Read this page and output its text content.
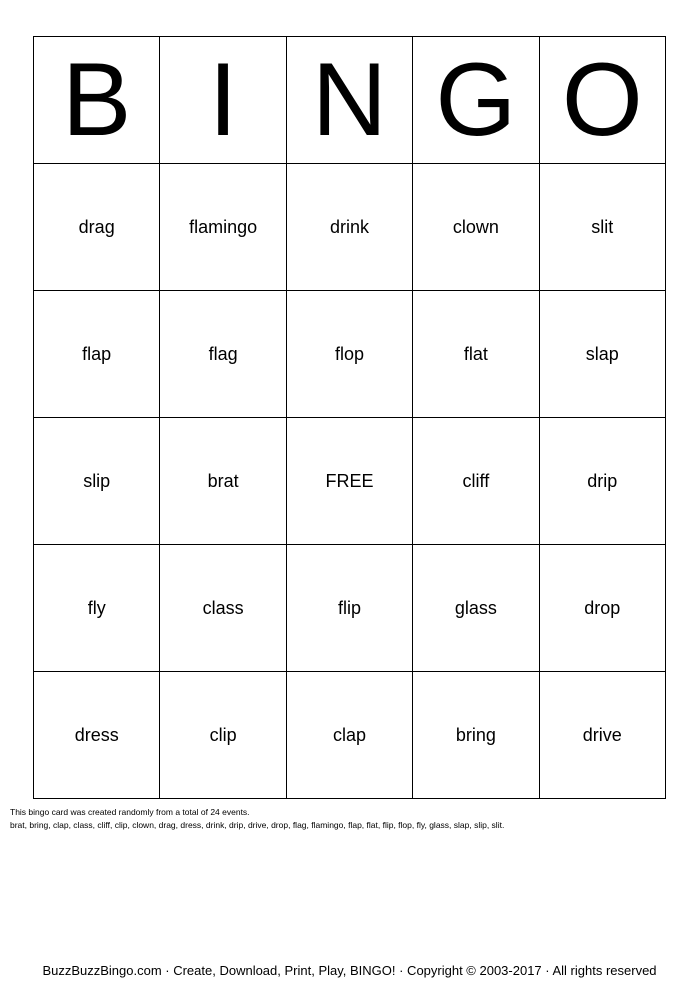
B	I	N	G	O
drag	flamingo	drink	clown	slit
flap	flag	flop	flat	slap
slip	brat	FREE	cliff	drip
fly	class	flip	glass	drop
dress	clip	clap	bring	drive
This bingo card was created randomly from a total of 24 events.
brat, bring, clap, class, cliff, clip, clown, drag, dress, drink, drip, drive, drop, flag, flamingo, flap, flat, flip, flop, fly, glass, slap, slip, slit.
BuzzBuzzBingo.com · Create, Download, Print, Play, BINGO! · Copyright © 2003-2017 · All rights reserved
